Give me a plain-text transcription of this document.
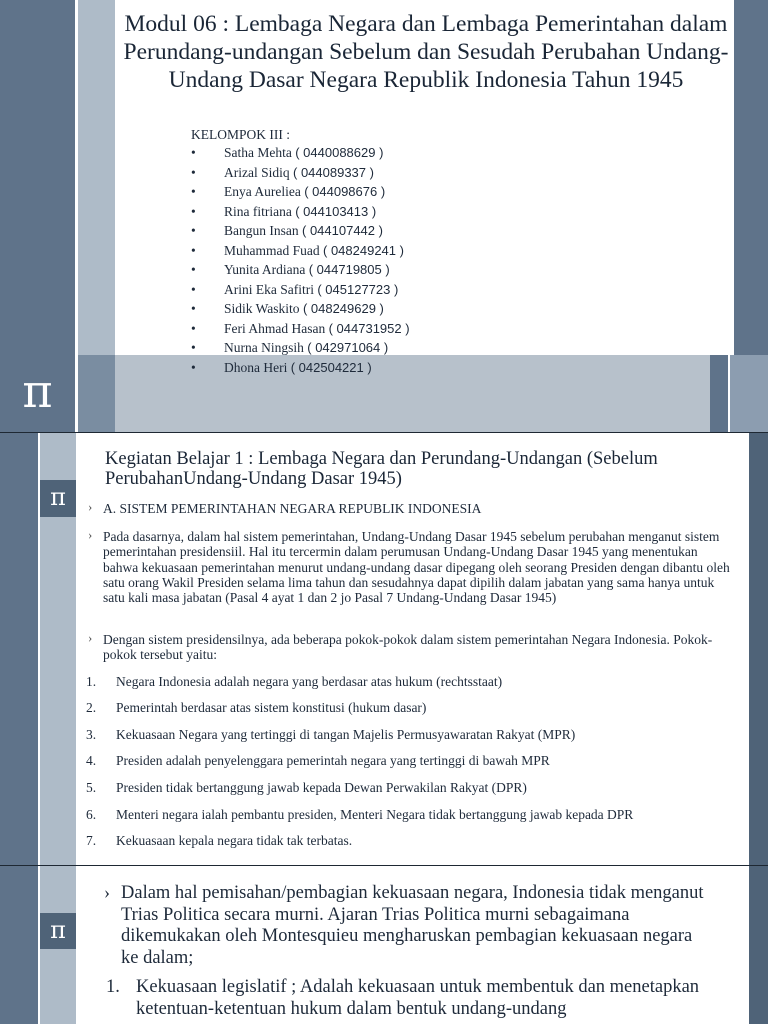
π
Modul 06 : Lembaga Negara dan Lembaga Pemerintahan dalam Perundang-undangan Sebelum dan Sesudah Perubahan Undang-Undang Dasar Negara Republik Indonesia Tahun 1945
KELOMPOK III :
• Satha Mehta ( 0440088629 )
• Arizal Sidiq ( 044089337 )
• Enya Aureliea ( 044098676 )
• Rina fitriana ( 044103413 )
• Bangun Insan ( 044107442 )
• Muhammad Fuad ( 048249241 )
• Yunita Ardiana ( 044719805 )
• Arini Eka Safitri ( 045127723 )
• Sidik Waskito ( 048249629 )
• Feri Ahmad Hasan ( 044731952 )
• Nurna Ningsih ( 042971064 )
• Dhona Heri ( 042504221 )
π
Kegiatan Belajar 1 : Lembaga Negara dan Perundang-Undangan (Sebelum PerubahanUndang-Undang Dasar 1945)
› A. SISTEM PEMERINTAHAN NEGARA REPUBLIK INDONESIA
› Pada dasarnya, dalam hal sistem pemerintahan, Undang-Undang Dasar 1945 sebelum perubahan menganut sistem pemerintahan presidensiil. Hal itu tercermin dalam perumusan Undang-Undang Dasar 1945 yang menentukan bahwa kekuasaan pemerintahan menurut undang-undang dasar dipegang oleh seorang Presiden dengan dibantu oleh satu orang Wakil Presiden selama lima tahun dan sesudahnya dapat dipilih dalam jabatan yang sama hanya untuk satu kali masa jabatan (Pasal 4 ayat 1 dan 2 jo Pasal 7 Undang-Undang Dasar 1945)
› Dengan sistem presidensilnya, ada beberapa pokok-pokok dalam sistem pemerintahan Negara Indonesia. Pokok-pokok tersebut yaitu:
1.	Negara Indonesia adalah negara yang berdasar atas hukum (rechtsstaat)
2.	Pemerintah berdasar atas sistem konstitusi (hukum dasar)
3.	Kekuasaan Negara yang tertinggi di tangan Majelis Permusyawaratan Rakyat (MPR)
4.	Presiden adalah penyelenggara pemerintah negara yang tertinggi di bawah MPR
5.	Presiden tidak bertanggung jawab kepada Dewan Perwakilan Rakyat (DPR)
6.	Menteri negara ialah pembantu presiden, Menteri Negara tidak bertanggung jawab kepada DPR
7.	Kekuasaan kepala negara tidak tak terbatas.
π
› Dalam hal pemisahan/pembagian kekuasaan negara, Indonesia tidak menganut Trias Politica secara murni. Ajaran Trias Politica murni sebagaimana dikemukakan oleh Montesquieu mengharuskan pembagian kekuasaan negara ke dalam;
1. Kekuasaan legislatif ; Adalah kekuasaan untuk membentuk dan menetapkan ketentuan-ketentuan hukum dalam bentuk undang-undang
